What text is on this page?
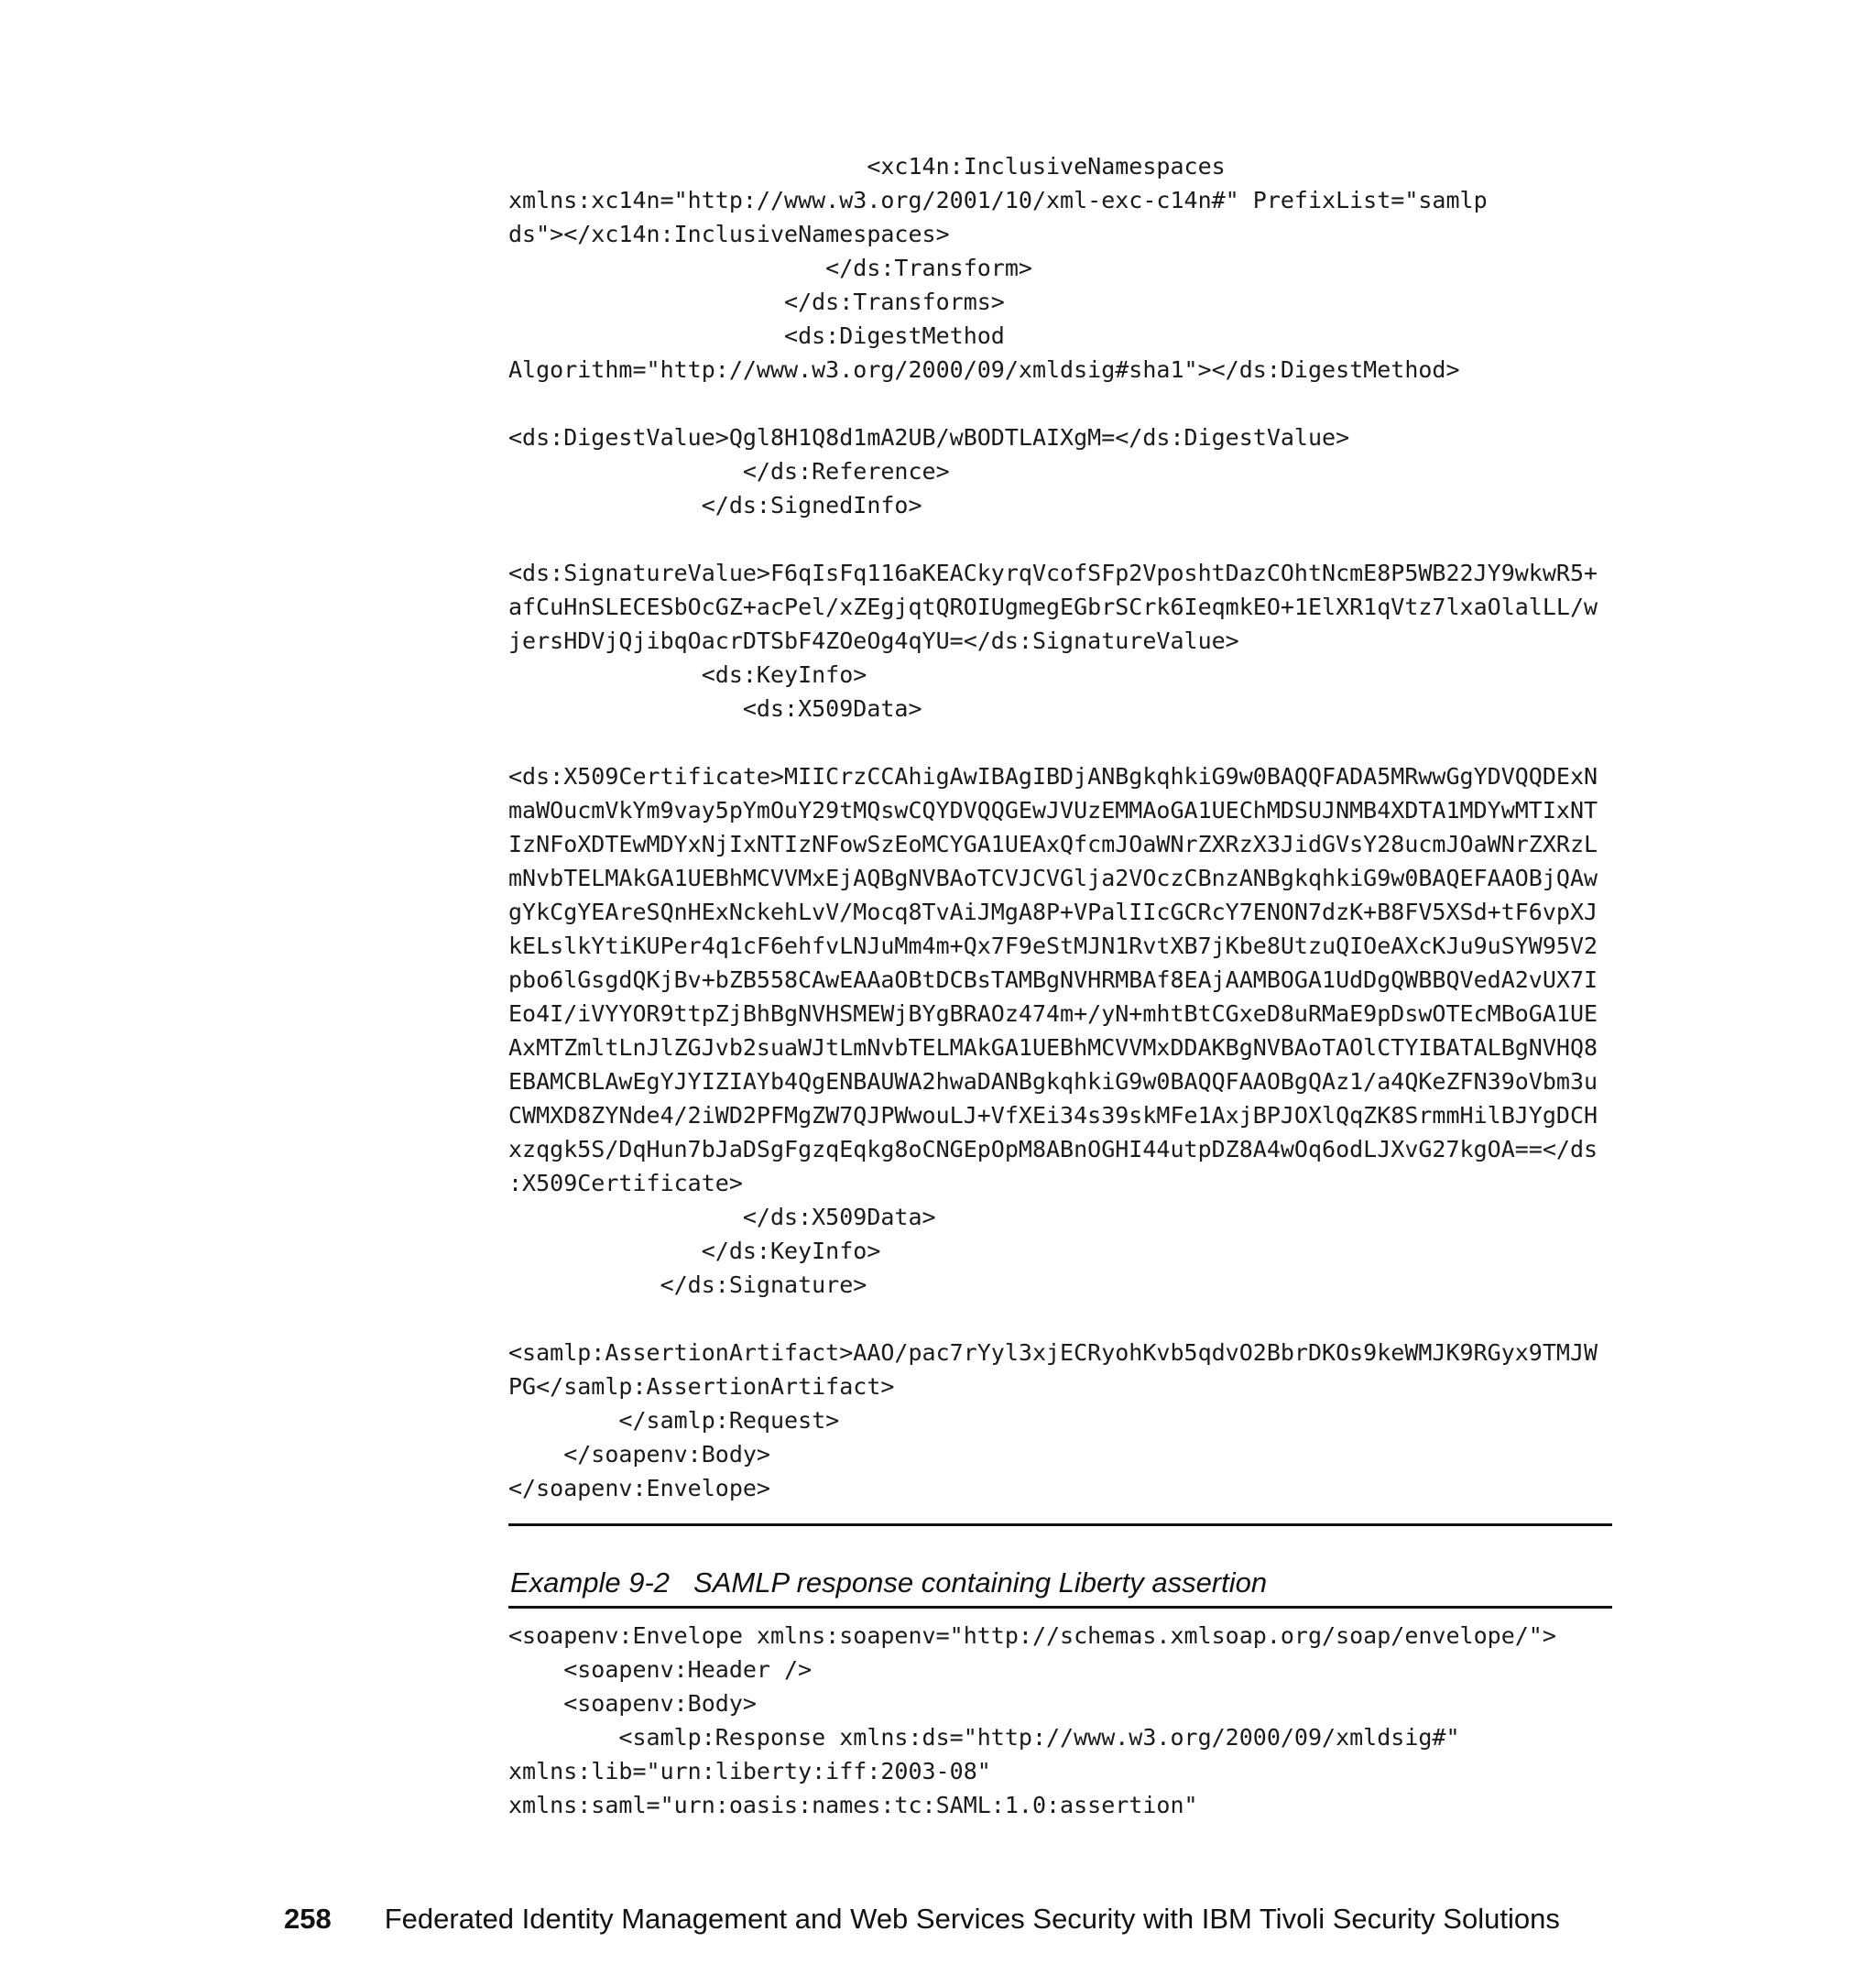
<xc14n:InclusiveNamespaces
xmlns:xc14n="http://www.w3.org/2001/10/xml-exc-c14n#" PrefixList="samlp
ds"></xc14n:InclusiveNamespaces>
</ds:Transform>
</ds:Transforms>
<ds:DigestMethod
Algorithm="http://www.w3.org/2000/09/xmldsig#sha1"></ds:DigestMethod>

<ds:DigestValue>Qgl8H1Q8d1mA2UB/wBODTLAIXgM=</ds:DigestValue>
</ds:Reference>
</ds:SignedInfo>

<ds:SignatureValue>F6qIsFq116aKEACkyrqVcofSFp2VposhtDazCOhtNcmE8P5WB22JY9wkwR5+
afCuHnSLECESbOcGZ+acPel/xZEgjqtQROIUgmegEGbrSCrk6IeqmkEO+1ElXR1qVtz7lxaOlalLL/w
jersHDVjQjibqOacrDTSbF4ZOeOg4qYU=</ds:SignatureValue>
<ds:KeyInfo>
<ds:X509Data>

<ds:X509Certificate>MIICrzCCAhigAwIBAgIBDjANBgkqhkiG9w0BAQQFADA5MRwwGgYDVQQDExN
maWOucmVkYm9vay5pYmOuY29tMQswCQYDVQQGEwJVUzEMMAoGA1UEChMDSUJNMB4XDTA1MDYwMTIxNT
IzNFoXDTEwMDYxNjIxNTIzNFowSzEoMCYGA1UEAxQfcmJOaWNrZXRzX3JidGVsY28ucmJOaWNrZXRzL
mNvbTELMAkGA1UEBhMCVVMxEjAQBgNVBAoTCVJCVGlja2VOczCBnzANBgkqhkiG9w0BAQEFAAOBjQAw
gYkCgYEAreSQnHExNckehLvV/Mocq8TvAiJMgA8P+VPalIIcGCRcY7ENON7dzK+B8FV5XSd+tF6vpXJ
kELslkYtiKUPer4q1cF6ehfvLNJuMm4m+Qx7F9eStMJN1RvtXB7jKbe8UtzuQIOeAXcKJu9uSYW95V2
pbo6lGsgdQKjBv+bZB558CAwEAAaOBtDCBsTAMBgNVHRMBAf8EAjAAMBOGA1UdDgQWBBQVedA2vUX7I
Eo4I/iVYYOR9ttpZjBhBgNVHSMEWjBYgBRAOz474m+/yN+mhtBtCGxeD8uRMaE9pDswOTEcMBoGA1UE
AxMTZmltLnJlZGJvb2suaWJtLmNvbTELMAkGA1UEBhMCVVMxDDAKBgNVBAoTAOlCTYIBATALBgNVHQ8
EBAMCBLAwEgYJYIZIAYb4QgENBAUWA2hwaDANBgkqhkiG9w0BAQQFAAOBgQAz1/a4QKeZFN39oVbm3u
CWMXD8ZYNde4/2iWD2PFMgZW7QJPWwouLJ+VfXEi34s39skMFe1AxjBPJOXlQqZK8SrmmHilBJYgDCH
xzqgk5S/DqHun7bJaDSgFgzqEqkg8oCNGEpOpM8ABnOGHI44utpDZ8A4wOq6odLJXvG27kgOA==</ds
:X509Certificate>
</ds:X509Data>
</ds:KeyInfo>
</ds:Signature>

<samlp:AssertionArtifact>AAO/pac7rYyl3xjECRyohKvb5qdvO2BbrDKOs9keWMJK9RGyx9TMJW
PG</samlp:AssertionArtifact>
</samlp:Request>
</soapenv:Body>
</soapenv:Envelope>
Example 9-2 SAMLP response containing Liberty assertion
<soapenv:Envelope xmlns:soapenv="http://schemas.xmlsoap.org/soap/envelope/">
<soapenv:Header />
<soapenv:Body>
<samlp:Response xmlns:ds="http://www.w3.org/2000/09/xmldsig#"
xmlns:lib="urn:liberty:iff:2003-08"
xmlns:saml="urn:oasis:names:tc:SAML:1.0:assertion"
258 Federated Identity Management and Web Services Security with IBM Tivoli Security Solutions
